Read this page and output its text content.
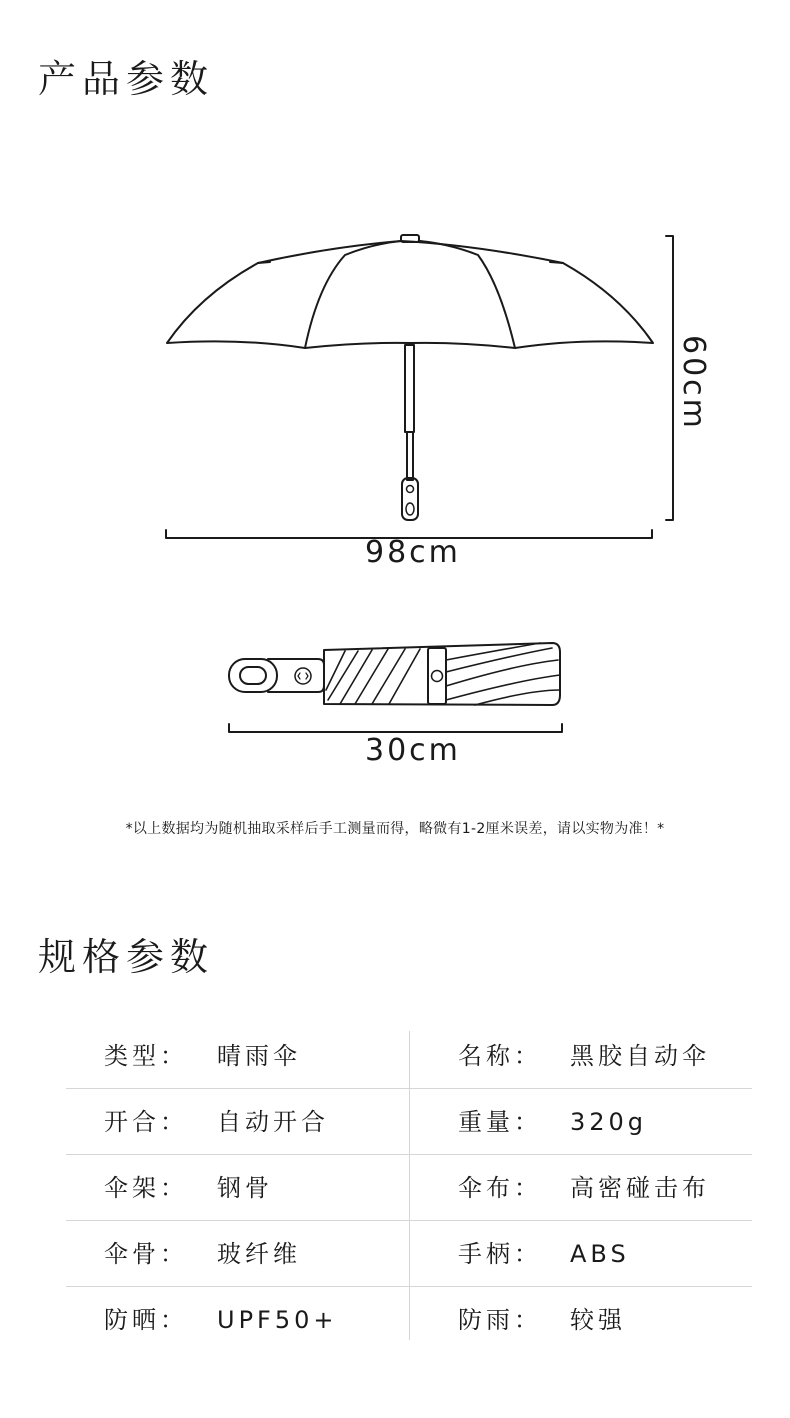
产品参数
98cm
60cm
30cm
*以上数据均为随机抽取采样后手工测量而得，略微有1-2厘米误差，请以实物为准！*
规格参数
类型： 晴雨伞	名称： 黑胶自动伞
开合： 自动开合	重量： 320g
伞架： 钢骨	伞布： 高密碰击布
伞骨： 玻纤维	手柄： ABS
防晒： UPF50+	防雨： 较强
